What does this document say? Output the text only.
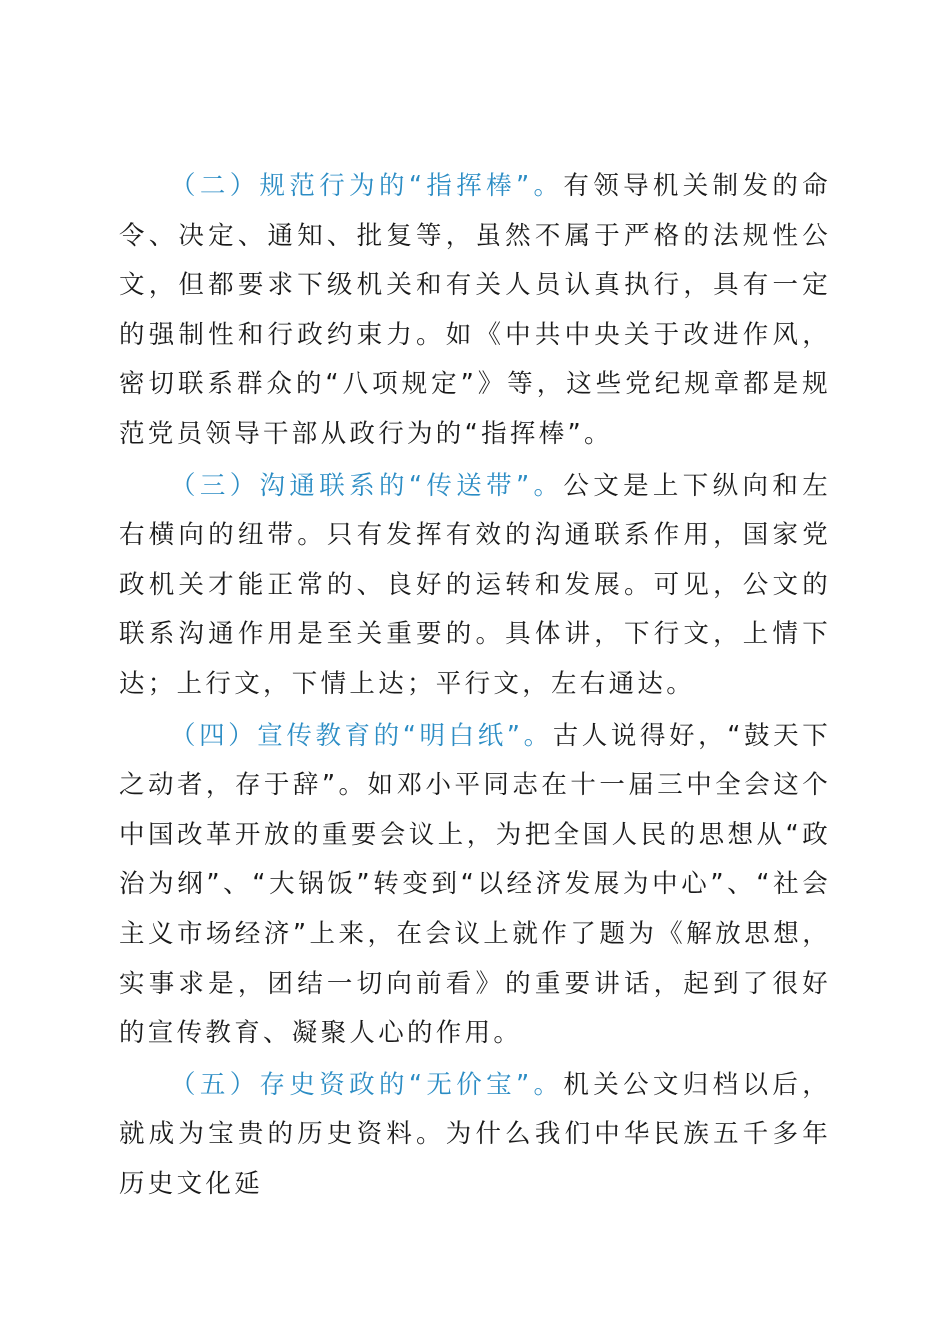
（二）规范行为的“指挥棒”。有领导机关制发的命令、决定、通知、批复等，虽然不属于严格的法规性公文，但都要求下级机关和有关人员认真执行，具有一定的强制性和行政约束力。如《中共中央关于改进作风，密切联系群众的“八项规定”》等，这些党纪规章都是规范党员领导干部从政行为的“指挥棒”。

（三）沟通联系的“传送带”。公文是上下纵向和左右横向的纽带。只有发挥有效的沟通联系作用，国家党政机关才能正常的、良好的运转和发展。可见，公文的联系沟通作用是至关重要的。具体讲，下行文，上情下达；上行文，下情上达；平行文，左右通达。

（四）宣传教育的“明白纸”。古人说得好，“鼓天下之动者，存于辞”。如邓小平同志在十一届三中全会这个中国改革开放的重要会议上，为把全国人民的思想从“政治为纲”、“大锅饭”转变到“以经济发展为中心”、“社会主义市场经济”上来，在会议上就作了题为《解放思想，实事求是，团结一切向前看》的重要讲话，起到了很好的宣传教育、凝聚人心的作用。

（五）存史资政的“无价宝”。机关公文归档以后，就成为宝贵的历史资料。为什么我们中华民族五千多年历史文化延
